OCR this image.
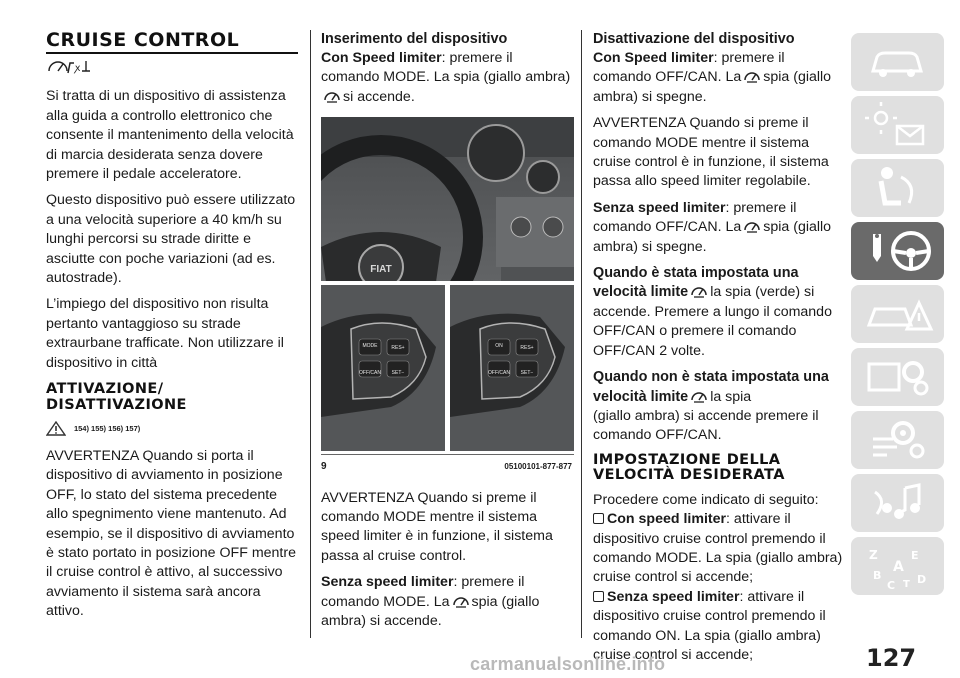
CRUISE CONTROL
ꭗ

Si tratta di un dispositivo di assistenza alla guida a controllo elettronico che consente il mantenimento della velocità di marcia desiderata senza dovere premere il pedale acceleratore.

Questo dispositivo può essere utilizzato a una velocità superiore a 40 km/h su lunghi percorsi su strade diritte e asciutte con poche variazioni (ad es. autostrade).

L’impiego del dispositivo non risulta pertanto vantaggioso su strade extraurbane trafficate. Non utilizzare il dispositivo in città

ATTIVAZIONE/
DISATTIVAZIONE
154) 155) 156) 157)

AVVERTENZA Quando si porta il dispositivo di avviamento in posizione OFF, lo stato del sistema precedente allo spegnimento viene mantenuto. Ad esempio, se il dispositivo di avviamento è stato portato in posizione OFF mentre il cruise control è attivo, al successivo avviamento il sistema sarà ancora attivo.

Inserimento del dispositivo

Con Speed limiter: premere il comando MODE. La spia (giallo ambra)
si accende.

FIAT
MODE	RES+
OFF/CAN SET−
ON	RES+
OFF/CAN SET−
9	05100101-877-877

AVVERTENZA Quando si preme il comando MODE mentre il sistema speed limiter è in funzione, il sistema passa al cruise control.

Senza speed limiter: premere il comando MODE. La spia (giallo ambra) si accende.

Disattivazione del dispositivo

Con Speed limiter: premere il comando OFF/CAN. La spia (giallo ambra) si spegne.

AVVERTENZA Quando si preme il comando MODE mentre il sistema cruise control è in funzione, il sistema passa allo speed limiter regolabile.

Senza speed limiter: premere il comando OFF/CAN. La spia (giallo ambra) si spegne.

Quando è stata impostata una
velocità limite la spia (verde) si accende. Premere a lungo il comando OFF/CAN o premere il comando OFF/CAN 2 volte.

Quando non è stata impostata una
velocità limite la spia
(giallo ambra) si accende premere il comando OFF/CAN.

IMPOSTAZIONE DELLA
VELOCITÀ DESIDERATA

Procedere come indicato di seguito:

Con speed limiter: attivare il dispositivo cruise control premendo il comando MODE. La spia (giallo ambra) cruise control si accende;

Senza speed limiter: attivare il dispositivo cruise control premendo il comando ON. La spia (giallo ambra) cruise control si accende;

Z	E
B
A
C T D
127
carmanualsonline.info
